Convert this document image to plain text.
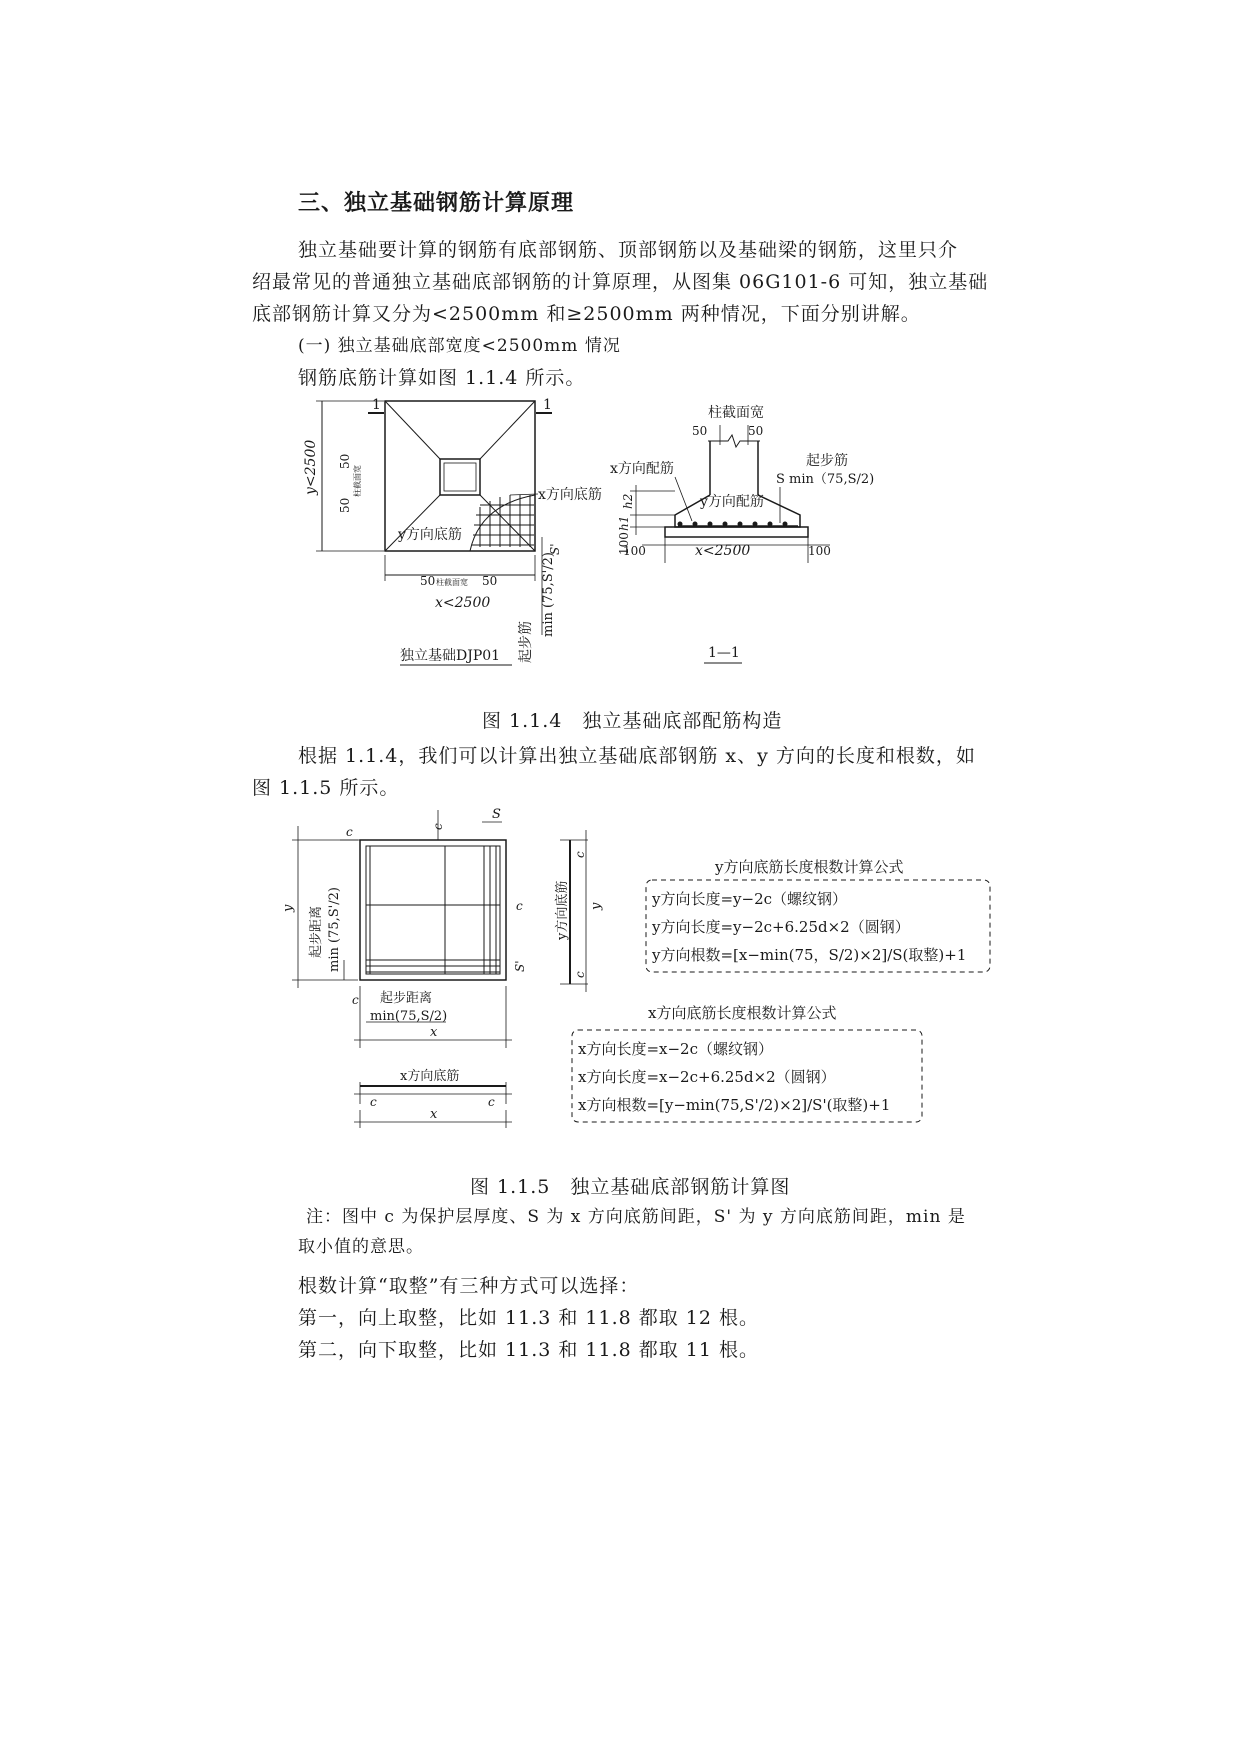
三、独立基础钢筋计算原理
独立基础要计算的钢筋有底部钢筋、顶部钢筋以及基础梁的钢筋，这里只介
绍最常见的普通独立基础底部钢筋的计算原理，从图集 06G101-6 可知，独立基础
底部钢筋计算又分为<2500mm 和≥2500mm 两种情况，下面分别讲解。
(一) 独立基础底部宽度<2500mm 情况
钢筋底筋计算如图 1.1.4 所示。
1	1
y<2500 50
50
柱截面宽
50 柱截面宽 50
x<2500
x方向底筋
y方向底筋
S'
min (75,S'/2)
起步筋
独立基础DJP01
柱截面宽
50	50
x方向配筋
y方向配筋
起步筋
S min（75,S/2)
h2
h1
100
100	100
x<2500
1—1
图 1.1.4　独立基础底部配筋构造
根据 1.1.4，我们可以计算出独立基础底部钢筋 x、y 方向的长度和根数，如
图 1.1.5 所示。
y 起步距离 min (75,S'/2)
c
c
c
S
c
S'
起步距离
min(75,S/2)
x
y方向底筋 y
c
c
x方向底筋
c	c
x
y方向底筋长度根数计算公式
y方向长度=y−2c（螺纹钢）
y方向长度=y−2c+6.25d×2（圆钢）
y方向根数=[x−min(75，S/2)×2]/S(取整)+1
x方向底筋长度根数计算公式
x方向长度=x−2c（螺纹钢）
x方向长度=x−2c+6.25d×2（圆钢）
x方向根数=[y−min(75,S'/2)×2]/S'(取整)+1
图 1.1.5　独立基础底部钢筋计算图
注：图中 c 为保护层厚度、S 为 x 方向底筋间距，S' 为 y 方向底筋间距，min 是
取小值的意思。
根数计算“取整”有三种方式可以选择：
第一，向上取整，比如 11.3 和 11.8 都取 12 根。
第二，向下取整，比如 11.3 和 11.8 都取 11 根。
